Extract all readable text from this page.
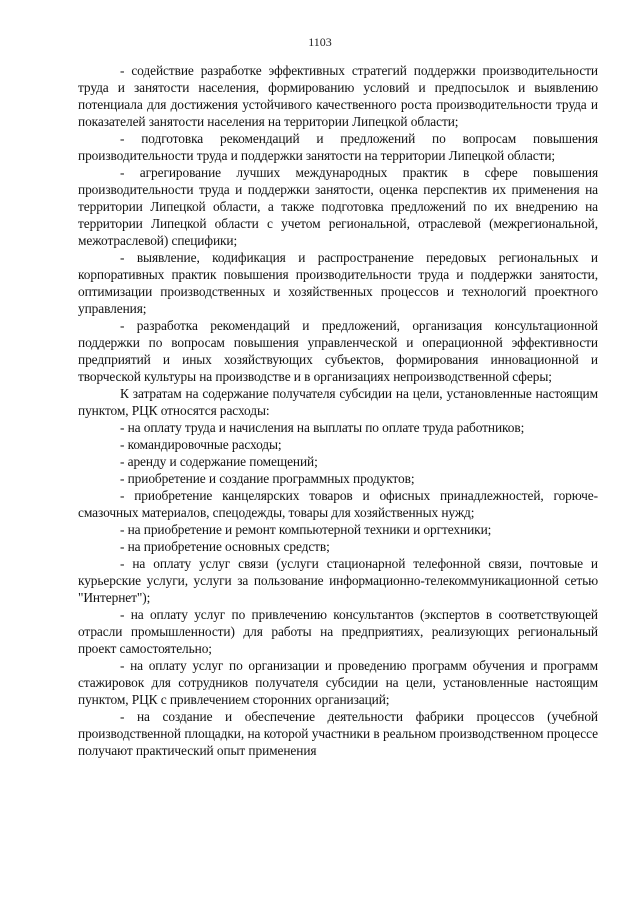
1103

- содействие разработке эффективных стратегий поддержки производительности труда и занятости населения, формированию условий и предпосылок и выявлению потенциала для достижения устойчивого качественного роста производительности труда и показателей занятости населения на территории Липецкой области;

- подготовка рекомендаций и предложений по вопросам повышения производительности труда и поддержки занятости на территории Липецкой области;

- агрегирование лучших международных практик в сфере повышения производительности труда и поддержки занятости, оценка перспектив их применения на территории Липецкой области, а также подготовка предложений по их внедрению на территории Липецкой области с учетом региональной, отраслевой (межрегиональной, межотраслевой) специфики;

- выявление, кодификация и распространение передовых региональных и корпоративных практик повышения производительности труда и поддержки занятости, оптимизации производственных и хозяйственных процессов и технологий проектного управления;

- разработка рекомендаций и предложений, организация консультационной поддержки по вопросам повышения управленческой и операционной эффективности предприятий и иных хозяйствующих субъектов, формирования инновационной и творческой культуры на производстве и в организациях непроизводственной сферы;

К затратам на содержание получателя субсидии на цели, установленные настоящим пунктом, РЦК относятся расходы:

- на оплату труда и начисления на выплаты по оплате труда работников;

- командировочные расходы;

- аренду и содержание помещений;

- приобретение и создание программных продуктов;

- приобретение канцелярских товаров и офисных принадлежностей, горюче-смазочных материалов, спецодежды, товары для хозяйственных нужд;

- на приобретение и ремонт компьютерной техники и оргтехники;

- на приобретение основных средств;

- на оплату услуг связи (услуги стационарной телефонной связи, почтовые и курьерские услуги, услуги за пользование информационно-телекоммуникационной сетью "Интернет");

- на оплату услуг по привлечению консультантов (экспертов в соответствующей отрасли промышленности) для работы на предприятиях, реализующих региональный проект самостоятельно;

- на оплату услуг по организации и проведению программ обучения и программ стажировок для сотрудников получателя субсидии на цели, установленные настоящим пунктом, РЦК с привлечением сторонних организаций;

- на создание и обеспечение деятельности фабрики процессов (учебной производственной площадки, на которой участники в реальном производственном процессе получают практический опыт применения
